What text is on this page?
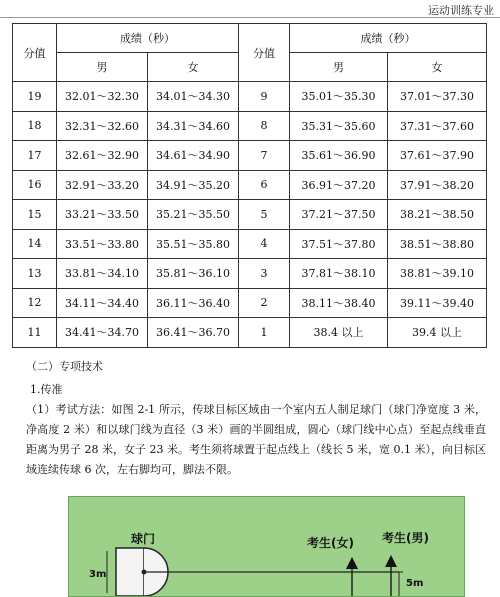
运动训练专业
分值	成绩（秒）		分值	成绩（秒）	
	男	女		男	女
19	32.01～32.30	34.01～34.30	9	35.01～35.30	37.01～37.30
18	32.31～32.60	34.31～34.60	8	35.31～35.60	37.31～37.60
17	32.61～32.90	34.61～34.90	7	35.61～36.90	37.61～37.90
16	32.91～33.20	34.91～35.20	6	36.91～37.20	37.91～38.20
15	33.21～33.50	35.21～35.50	5	37.21～37.50	38.21～38.50
14	33.51～33.80	35.51～35.80	4	37.51～37.80	38.51～38.80
13	33.81～34.10	35.81～36.10	3	37.81～38.10	38.81～39.10
12	34.11～34.40	36.11～36.40	2	38.11～38.40	39.11～39.40
11	34.41～34.70	36.41～36.70	1	38.4 以上	39.4 以上
（二）专项技术
1.传准
（1）考试方法：如图 2-1 所示，传球目标区域由一个室内五人制足球门（球门净宽度 3 米，净高度 2 米）和以球门线为直径（3 米）画的半圆组成，圆心（球门线中心点）至起点线垂直距离为男子 28 米，女子 23 米。考生须将球置于起点线上（线长 5 米，宽 0.1 米），向目标区域连续传球 6 次，左右脚均可，脚法不限。
球门	考生(女) 考生(男)
3m
5m
